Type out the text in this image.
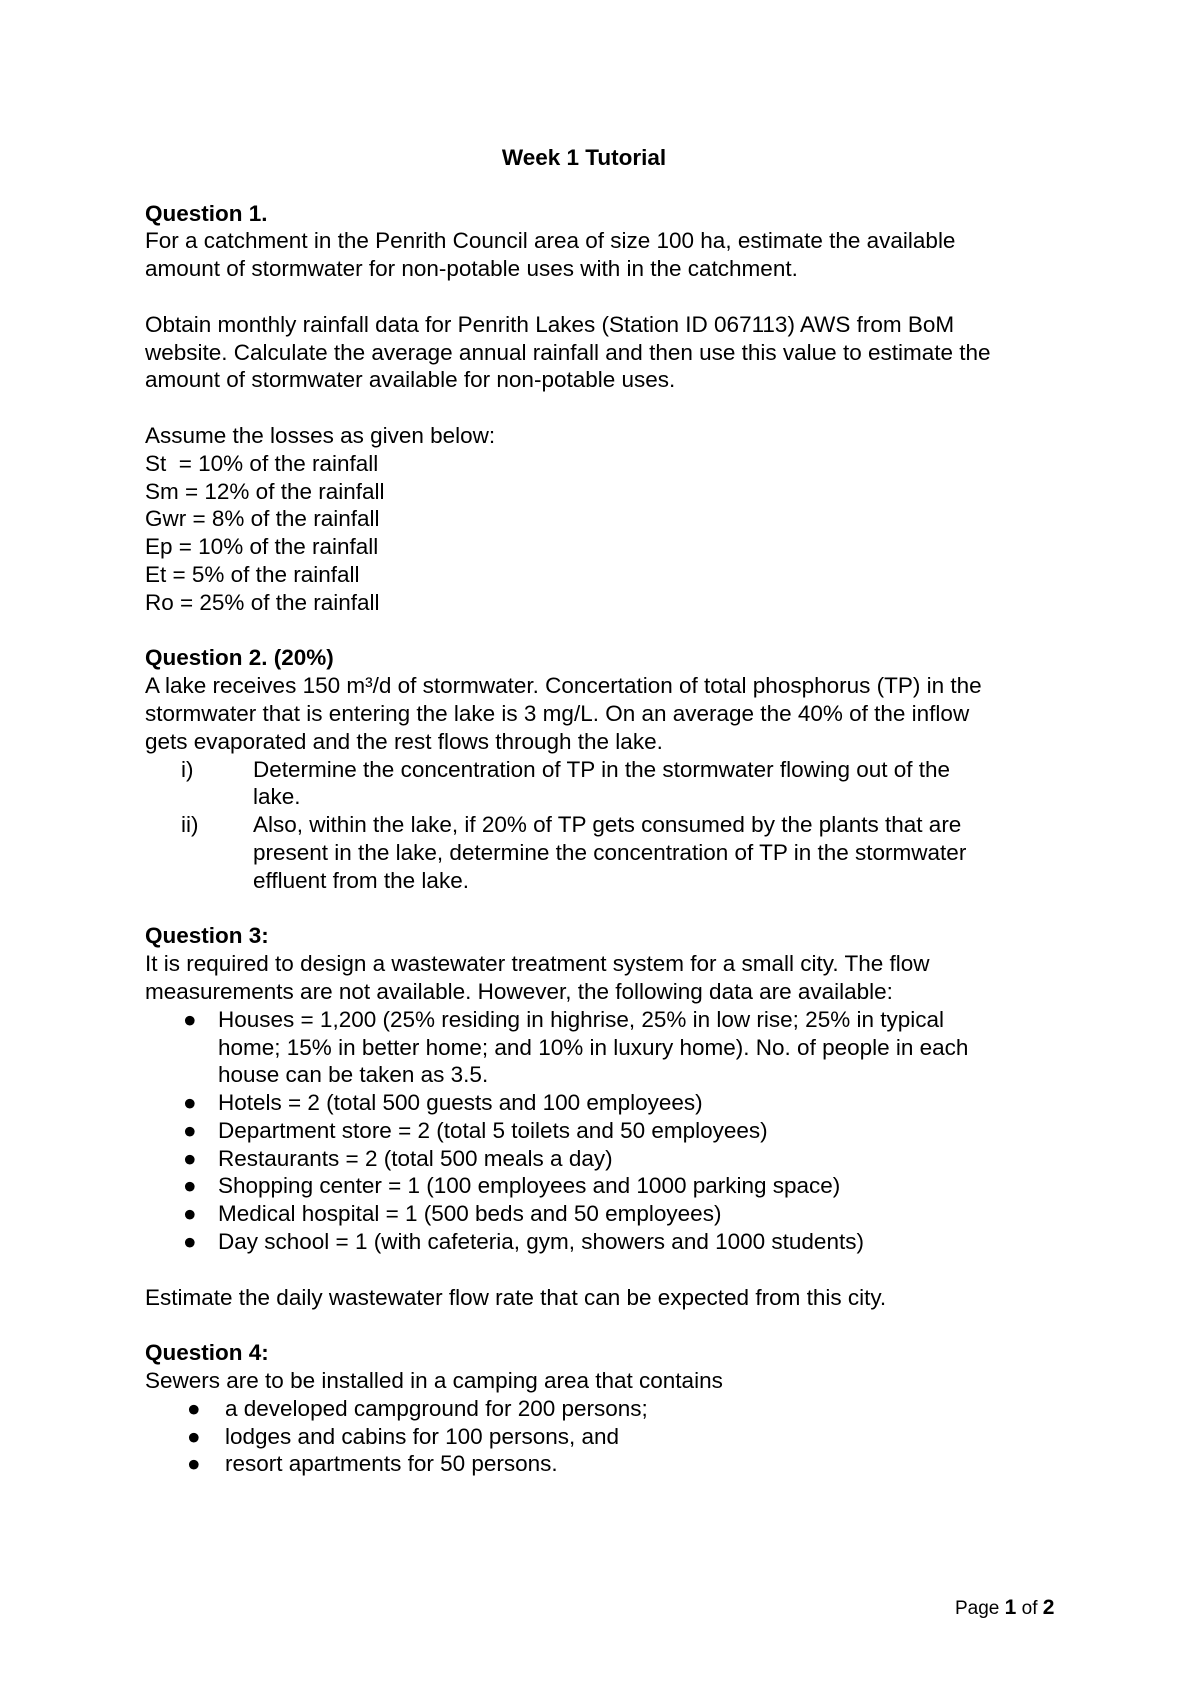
Week 1 Tutorial
Question 1.
For a catchment in the Penrith Council area of size 100 ha, estimate the available
amount of stormwater for non-potable uses with in the catchment.
Obtain monthly rainfall data for Penrith Lakes (Station ID 067113) AWS from BoM
website. Calculate the average annual rainfall and then use this value to estimate the
amount of stormwater available for non-potable uses.
Assume the losses as given below:
St  = 10% of the rainfall
Sm = 12% of the rainfall
Gwr = 8% of the rainfall
Ep = 10% of the rainfall
Et = 5% of the rainfall
Ro = 25% of the rainfall
Question 2. (20%)
A lake receives 150 m³/d of stormwater. Concertation of total phosphorus (TP) in the
stormwater that is entering the lake is 3 mg/L. On an average the 40% of the inflow
gets evaporated and the rest flows through the lake.
i)	Determine the concentration of TP in the stormwater flowing out of the
lake.
ii)	Also, within the lake, if 20% of TP gets consumed by the plants that are
present in the lake, determine the concentration of TP in the stormwater
effluent from the lake.
Question 3:
It is required to design a wastewater treatment system for a small city. The flow
measurements are not available. However, the following data are available:
● Houses = 1,200 (25% residing in highrise, 25% in low rise; 25% in typical
home; 15% in better home; and 10% in luxury home). No. of people in each
house can be taken as 3.5.
● Hotels = 2 (total 500 guests and 100 employees)
● Department store = 2 (total 5 toilets and 50 employees)
● Restaurants = 2 (total 500 meals a day)
● Shopping center = 1 (100 employees and 1000 parking space)
● Medical hospital = 1 (500 beds and 50 employees)
● Day school = 1 (with cafeteria, gym, showers and 1000 students)
Estimate the daily wastewater flow rate that can be expected from this city.
Question 4:
Sewers are to be installed in a camping area that contains
●	a developed campground for 200 persons;
●	lodges and cabins for 100 persons, and
●	resort apartments for 50 persons.
Page 1 of 2
